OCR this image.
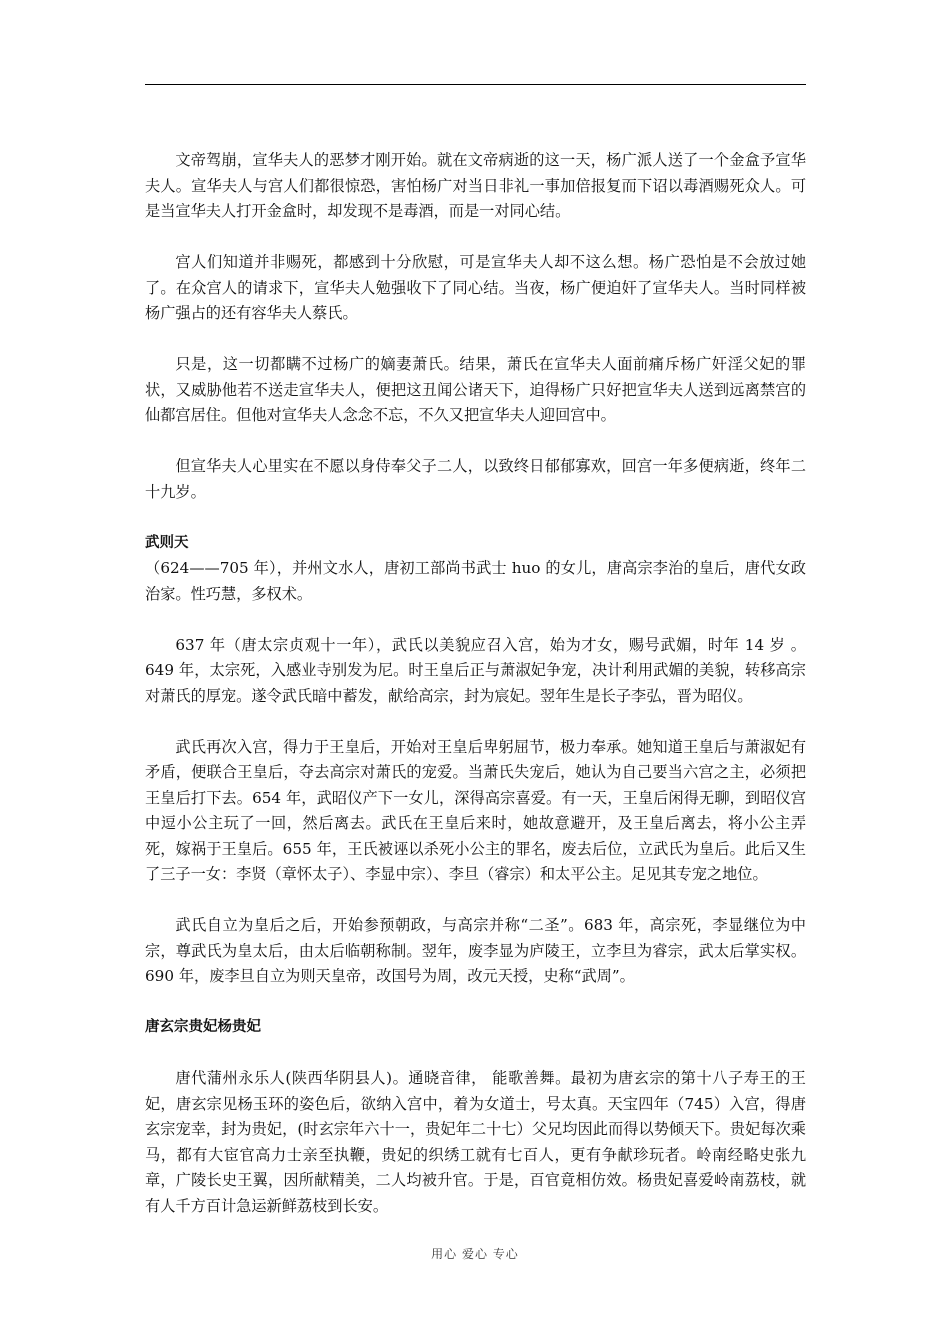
文帝驾崩，宣华夫人的恶梦才刚开始。就在文帝病逝的这一天，杨广派人送了一个金盒予宣华夫人。宣华夫人与宫人们都很惊恐，害怕杨广对当日非礼一事加倍报复而下诏以毒酒赐死众人。可是当宣华夫人打开金盒时，却发现不是毒酒，而是一对同心结。

宫人们知道并非赐死，都感到十分欣慰，可是宣华夫人却不这么想。杨广恐怕是不会放过她了。在众宫人的请求下，宣华夫人勉强收下了同心结。当夜，杨广便迫奸了宣华夫人。当时同样被杨广强占的还有容华夫人蔡氏。

只是，这一切都瞒不过杨广的嫡妻萧氏。结果，萧氏在宣华夫人面前痛斥杨广奸淫父妃的罪状，又威胁他若不送走宣华夫人，便把这丑闻公诸天下，迫得杨广只好把宣华夫人送到远离禁宫的仙都宫居住。但他对宣华夫人念念不忘，不久又把宣华夫人迎回宫中。

但宣华夫人心里实在不愿以身侍奉父子二人，以致终日郁郁寡欢，回宫一年多便病逝，终年二十九岁。

武则天

（624——705 年），并州文水人，唐初工部尚书武士 huo 的女儿，唐高宗李治的皇后，唐代女政治家。性巧慧，多权术。

637 年（唐太宗贞观十一年），武氏以美貌应召入宫，始为才女，赐号武媚，时年 14 岁 。649 年，太宗死，入感业寺别发为尼。时王皇后正与萧淑妃争宠，决计利用武媚的美貌，转移高宗对萧氏的厚宠。遂令武氏暗中蓄发，献给高宗，封为宸妃。翌年生是长子李弘，晋为昭仪。

武氏再次入宫，得力于王皇后，开始对王皇后卑躬屈节，极力奉承。她知道王皇后与萧淑妃有矛盾，便联合王皇后，夺去高宗对萧氏的宠爱。当萧氏失宠后，她认为自己要当六宫之主，必须把王皇后打下去。654 年，武昭仪产下一女儿，深得高宗喜爱。有一天，王皇后闲得无聊，到昭仪宫中逗小公主玩了一回，然后离去。武氏在王皇后来时，她故意避开，及王皇后离去，将小公主弄死，嫁祸于王皇后。655 年，王氏被诬以杀死小公主的罪名，废去后位，立武氏为皇后。此后又生了三子一女：李贤（章怀太子）、李显中宗）、李旦（睿宗）和太平公主。足见其专宠之地位。

武氏自立为皇后之后，开始参预朝政，与高宗并称“二圣”。683 年，高宗死，李显继位为中宗，尊武氏为皇太后，由太后临朝称制。翌年，废李显为庐陵王，立李旦为睿宗，武太后掌实权。690 年，废李旦自立为则天皇帝，改国号为周，改元天授，史称“武周”。

唐玄宗贵妃杨贵妃

唐代蒲州永乐人(陕西华阴县人)。通晓音律， 能歌善舞。最初为唐玄宗的第十八子寿王的王妃，唐玄宗见杨玉环的姿色后，欲纳入宫中，着为女道士，号太真。天宝四年（745）入宫，得唐玄宗宠幸，封为贵妃，(时玄宗年六十一，贵妃年二十七）父兄均因此而得以势倾天下。贵妃每次乘马，都有大宦官高力士亲至执鞭，贵妃的织绣工就有七百人，更有争献珍玩者。岭南经略史张九章，广陵长史王翼，因所献精美，二人均被升官。于是，百官竟相仿效。杨贵妃喜爱岭南荔枝，就有人千方百计急运新鲜荔枝到长安。

用心 爱心 专心
